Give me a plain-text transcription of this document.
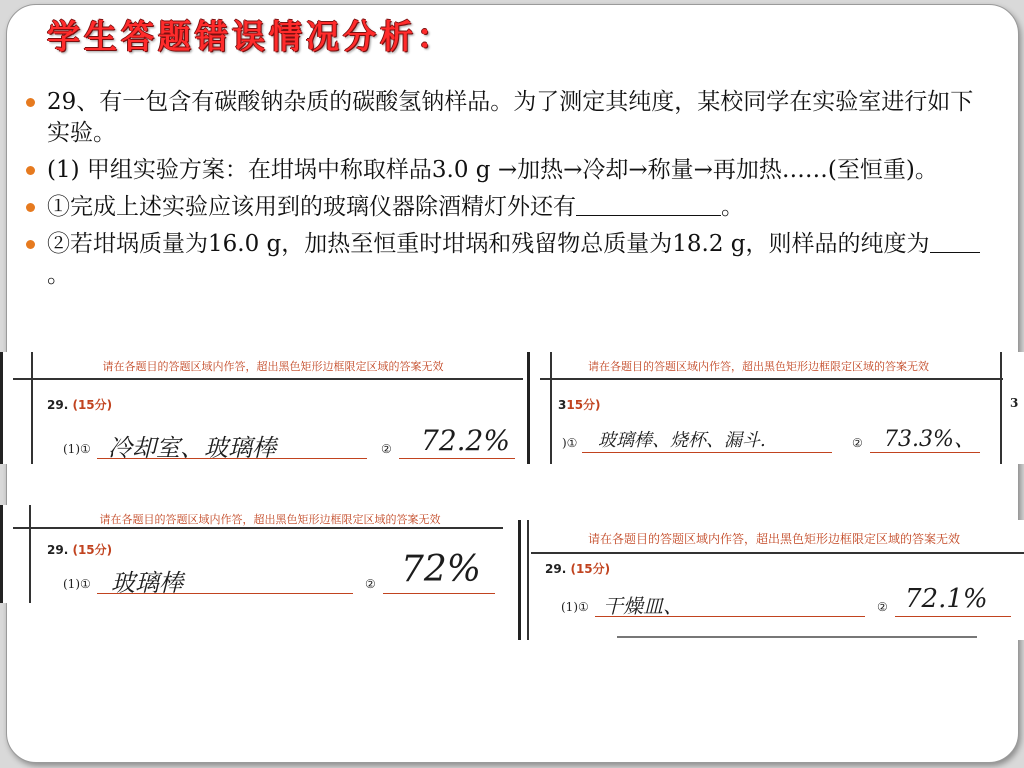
学生答题错误情况分析：
29、有一包含有碳酸钠杂质的碳酸氢钠样品。为了测定其纯度，某校同学在实验室进行如下实验。
(1) 甲组实验方案：在坩埚中称取样品3.0 g →加热→冷却→称量→再加热……(至恒重)。
①完成上述实验应该用到的玻璃仪器除酒精灯外还有	。
②若坩埚质量为16.0 g，加热至恒重时坩埚和残留物总质量为18.2 g，则样品的纯度为。
请在各题目的答题区域内作答，超出黑色矩形边框限定区域的答案无效
29. (15分)
(1)① 冷却室、玻璃棒	② 72.2%
请在各题目的答题区域内作答，超出黑色矩形边框限定区域的答案无效
315分)
)① 玻璃棒、烧杯、漏斗.	② 73.3%、
3
请在各题目的答题区域内作答，超出黑色矩形边框限定区域的答案无效
29. (15分)
(1)① 玻璃棒	② 72%
请在各题目的答题区域内作答，超出黑色矩形边框限定区域的答案无效
29. (15分)
(1)① 干燥皿、	② 72.1%
